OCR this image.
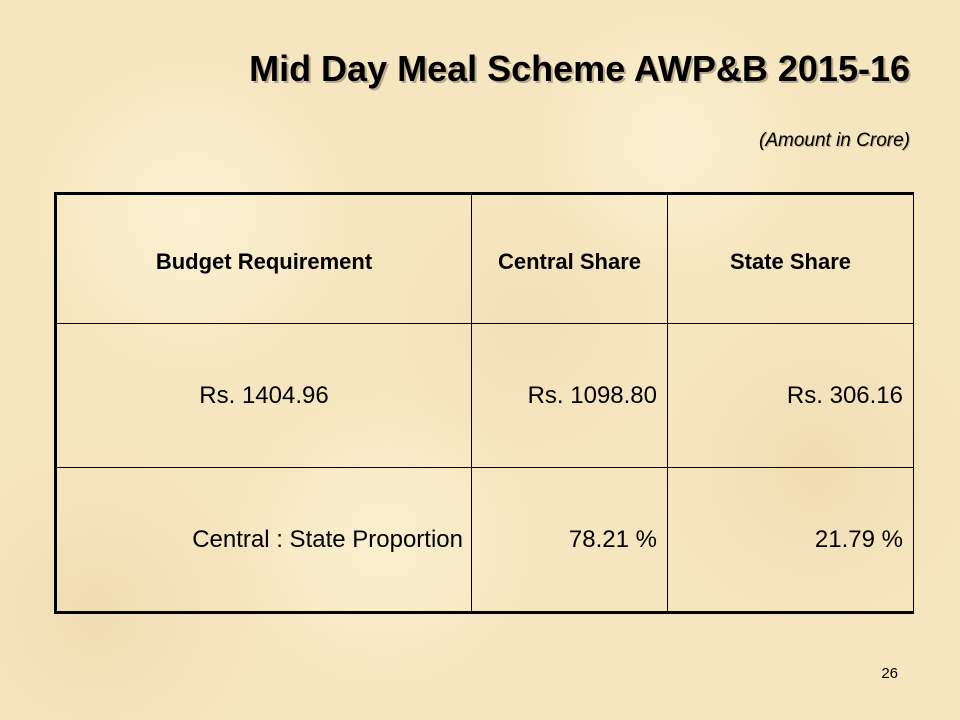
Mid Day Meal Scheme AWP&B 2015-16

(Amount in Crore)

Budget Requirement	Central Share	State Share
Rs. 1404.96	Rs. 1098.80	Rs. 306.16
Central : State Proportion	78.21 %	21.79 %
26
